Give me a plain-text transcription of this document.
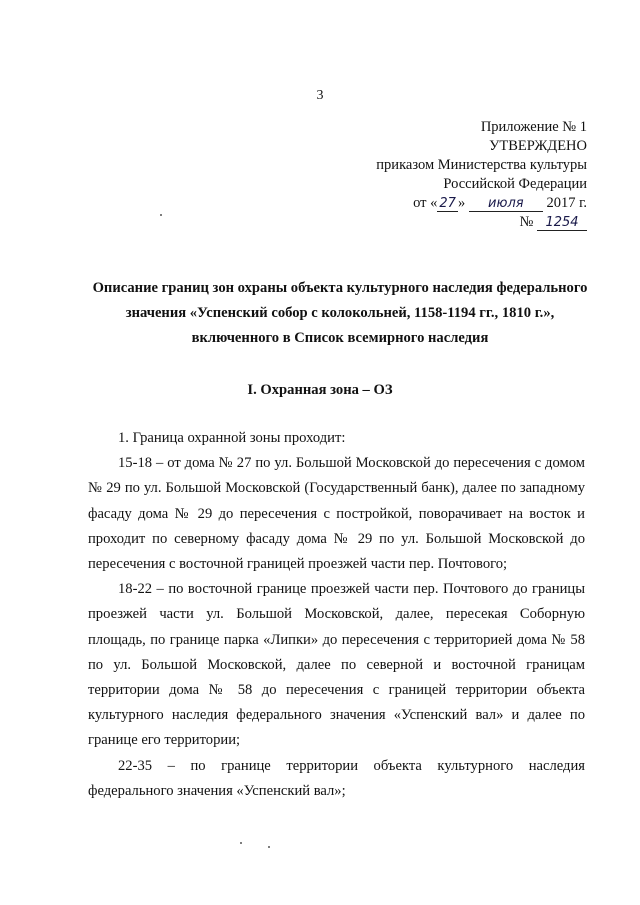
3
Приложение № 1
УТВЕРЖДЕНО
приказом Министерства культуры
Российской Федерации
от « 27 » июля 2017 г.
№ 1254
Описание границ зон охраны объекта культурного наследия федерального
значения «Успенский собор с колокольней, 1158-1194 гг., 1810 г.»,
включенного в Список всемирного наследия
I. Охранная зона – ОЗ

1. Граница охранной зоны проходит:

15-18 – от дома № 27 по ул. Большой Московской до пересечения с домом № 29 по ул. Большой Московской (Государственный банк), далее по западному фасаду дома № 29 до пересечения с постройкой, поворачивает на восток и проходит по северному фасаду дома № 29 по ул. Большой Московской до пересечения с восточной границей проезжей части пер. Почтового;

18-22 – по восточной границе проезжей части пер. Почтового до границы проезжей части ул. Большой Московской, далее, пересекая Соборную площадь, по границе парка «Липки» до пересечения с территорией дома № 58 по ул. Большой Московской, далее по северной и восточной границам территории дома № 58 до пересечения с границей территории объекта культурного наследия федерального значения «Успенский вал» и далее по границе его территории;

22-35 – по границе территории объекта культурного наследия федерального значения «Успенский вал»;
